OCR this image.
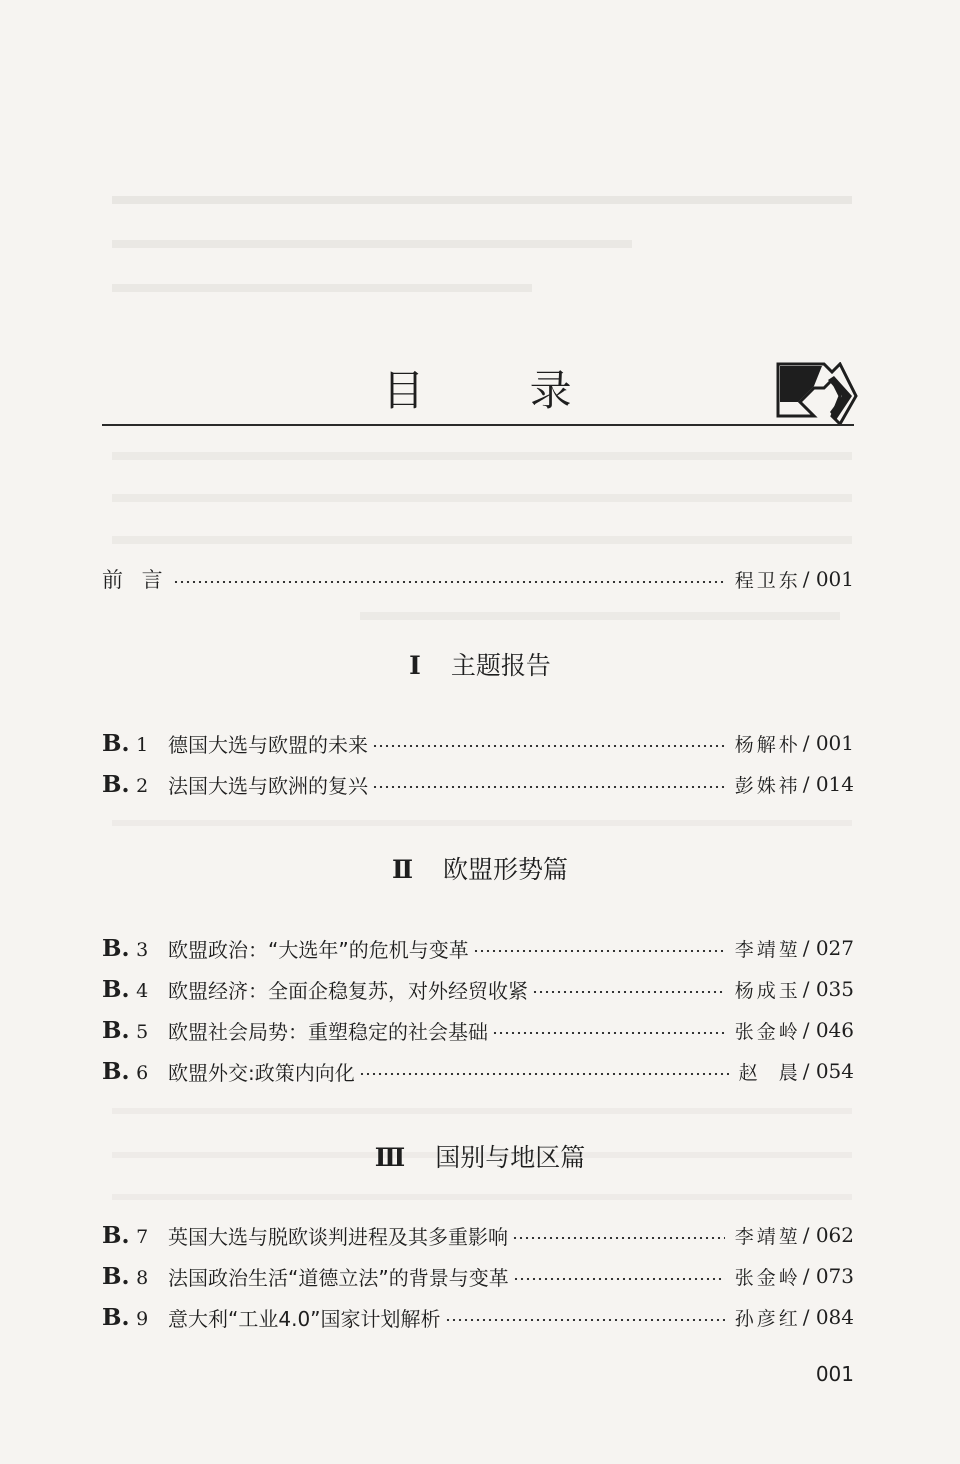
目 录
前 言	程卫东 / 001
Ⅰ 主题报告
B. 1 德国大选与欧盟的未来	杨解朴 / 001
B. 2 法国大选与欧洲的复兴	彭姝祎 / 014
Ⅱ 欧盟形势篇
B. 3 欧盟政治：“大选年”的危机与变革	李靖堃 / 027
B. 4 欧盟经济：全面企稳复苏，对外经贸收紧	杨成玉 / 035
B. 5 欧盟社会局势：重塑稳定的社会基础	张金岭 / 046
B. 6 欧盟外交:政策内向化	赵  晨 / 054
Ⅲ 国别与地区篇
B. 7 英国大选与脱欧谈判进程及其多重影响	李靖堃 / 062
B. 8 法国政治生活“道德立法”的背景与变革	张金岭 / 073
B. 9 意大利“工业4.0”国家计划解析	孙彦红 / 084
001
